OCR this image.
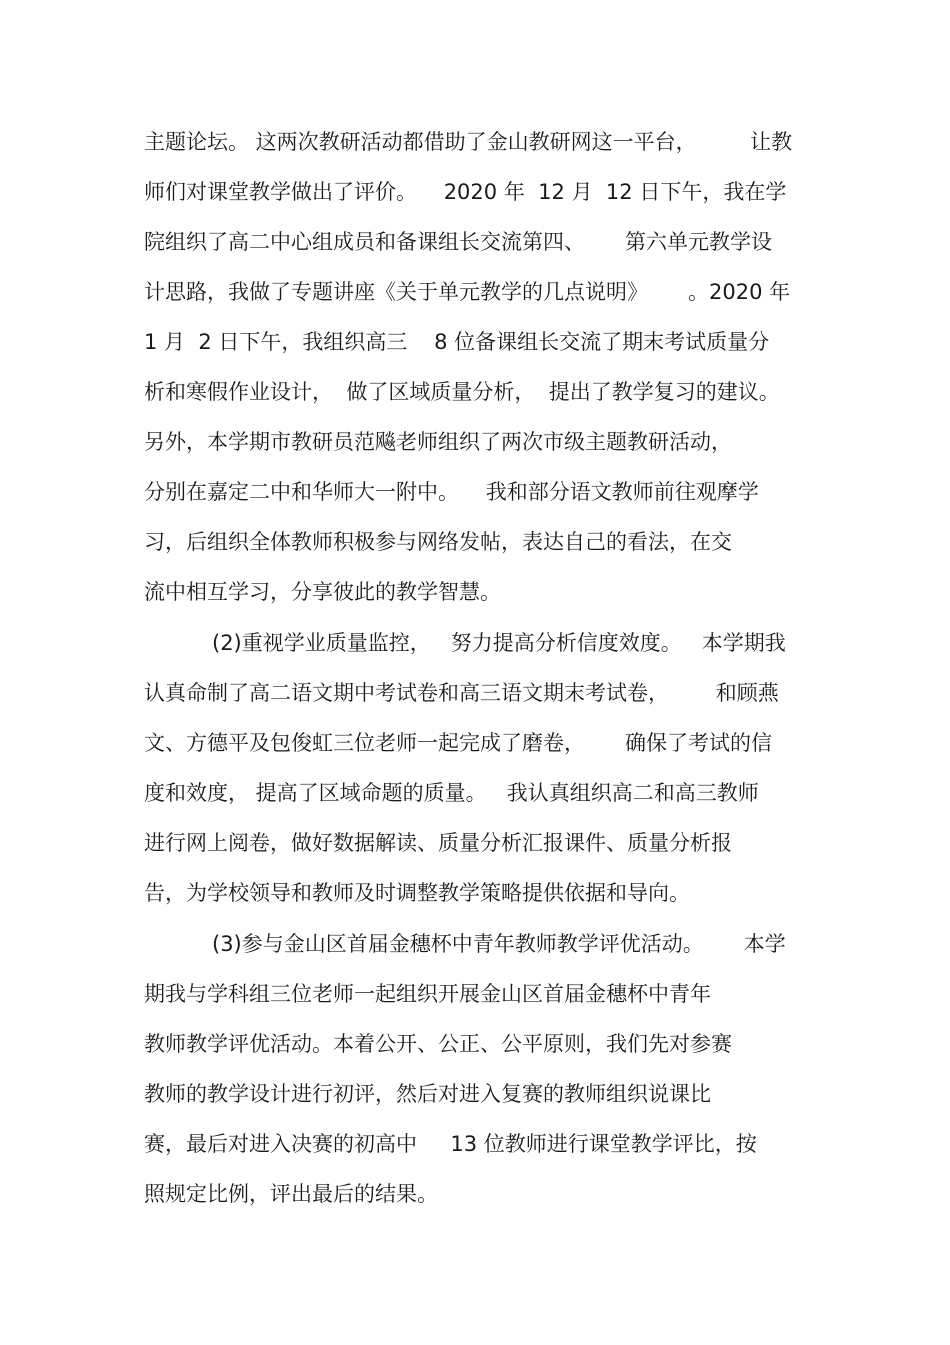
主题论坛。 这两次教研活动都借助了金山教研网这一平台，        让教
师们对课堂教学做出了评价。    2020 年  12 月  12 日下午，我在学
院组织了高二中心组成员和备课组长交流第四、      第六单元教学设
计思路，我做了专题讲座《关于单元教学的几点说明》      。2020 年
1 月  2 日下午，我组织高三    8 位备课组长交流了期末考试质量分
析和寒假作业设计，  做了区域质量分析，  提出了教学复习的建议。
另外，本学期市教研员范飚老师组织了两次市级主题教研活动，
分别在嘉定二中和华师大一附中。    我和部分语文教师前往观摩学
习，后组织全体教师积极参与网络发帖，表达自己的看法，在交
流中相互学习，分享彼此的教学智慧。
(2)重视学业质量监控，   努力提高分析信度效度。   本学期我
认真命制了高二语文期中考试卷和高三语文期末考试卷，       和顾燕
文、方德平及包俊虹三位老师一起完成了磨卷，      确保了考试的信
度和效度， 提高了区域命题的质量。   我认真组织高二和高三教师
进行网上阅卷，做好数据解读、质量分析汇报课件、质量分析报
告，为学校领导和教师及时调整教学策略提供依据和导向。
(3)参与金山区首届金穗杯中青年教师教学评优活动。      本学
期我与学科组三位老师一起组织开展金山区首届金穗杯中青年
教师教学评优活动。本着公开、公正、公平原则，我们先对参赛
教师的教学设计进行初评，然后对进入复赛的教师组织说课比
赛，最后对进入决赛的初高中     13 位教师进行课堂教学评比，按
照规定比例，评出最后的结果。
